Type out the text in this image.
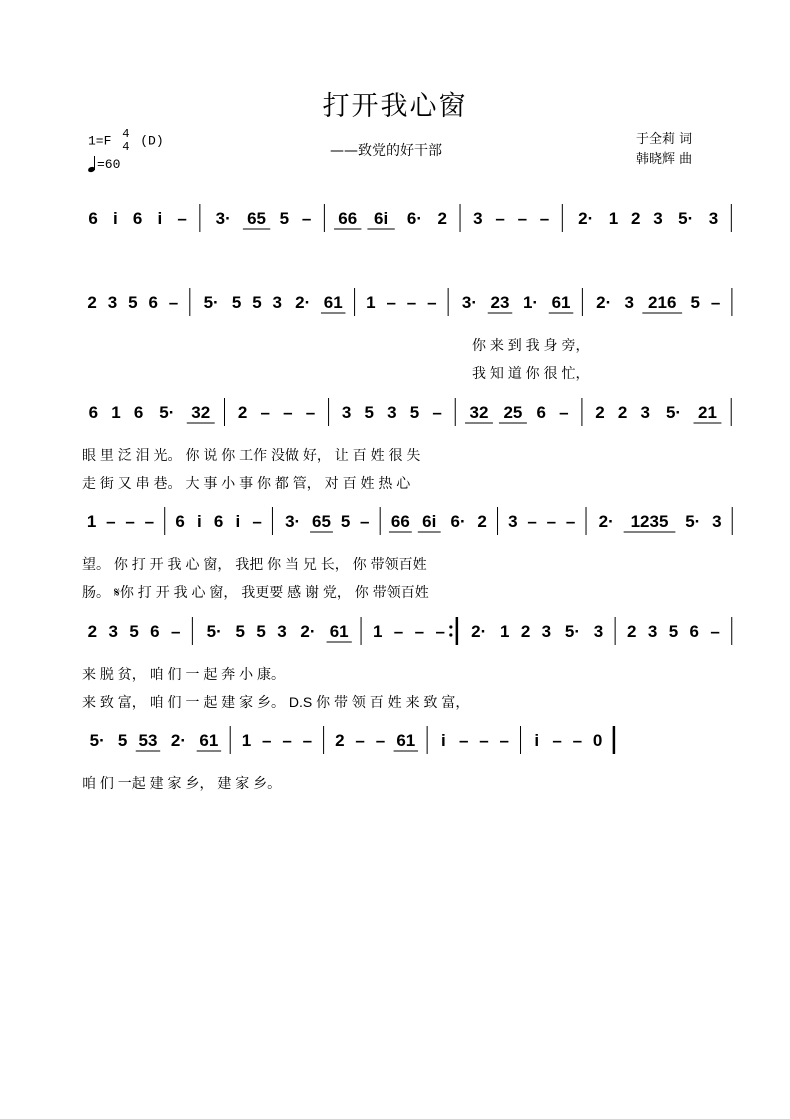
打开我心窗
1=F 4
4 (D)
=60
——致党的好干部
于全莉 词
韩晓辉 曲
6 i 6 i – 3· 65 5 – 66 6i 6· 2 3 – – – 2· 1 2 3 5· 3
2 3 5 6 – 5· 5 5 3 2· 61 1 – – – 3· 23 1· 61 2· 3 216 5 –
你 来 到 我 身 旁，
我 知 道 你 很 忙，
6 1 6 5· 32 2 – – – 3 5 3 5 – 32 25 6 – 2 2 3 5· 21
眼 里 泛 泪 光。 你 说 你 工作 没做 好， 让 百 姓 很 失
走 街 又 串 巷。 大 事 小 事 你 都 管， 对 百 姓 热 心
1 – – – 6 i 6 i – 3· 65 5 – 66 6i 6· 2 3 – – – 2· 1235 5· 3
望。 你 打 开 我 心 窗， 我把 你 当 兄 长， 你 带领百姓
肠。 𝄋你 打 开 我 心 窗， 我更要 感 谢 党， 你 带领百姓
2 3 5 6 – 5· 5 5 3 2· 61 1 – – – 2· 1 2 3 5· 3 2 3 5 6 –
来 脱 贫， 咱 们 一 起 奔 小 康。
来 致 富， 咱 们 一 起 建 家 乡。 D.S 你 带 领 百 姓 来 致 富，
5· 5 53 2· 61 1 – – – 2 – – 61 i – – – i – – 0
咱 们 一起 建 家 乡， 建 家 乡。
